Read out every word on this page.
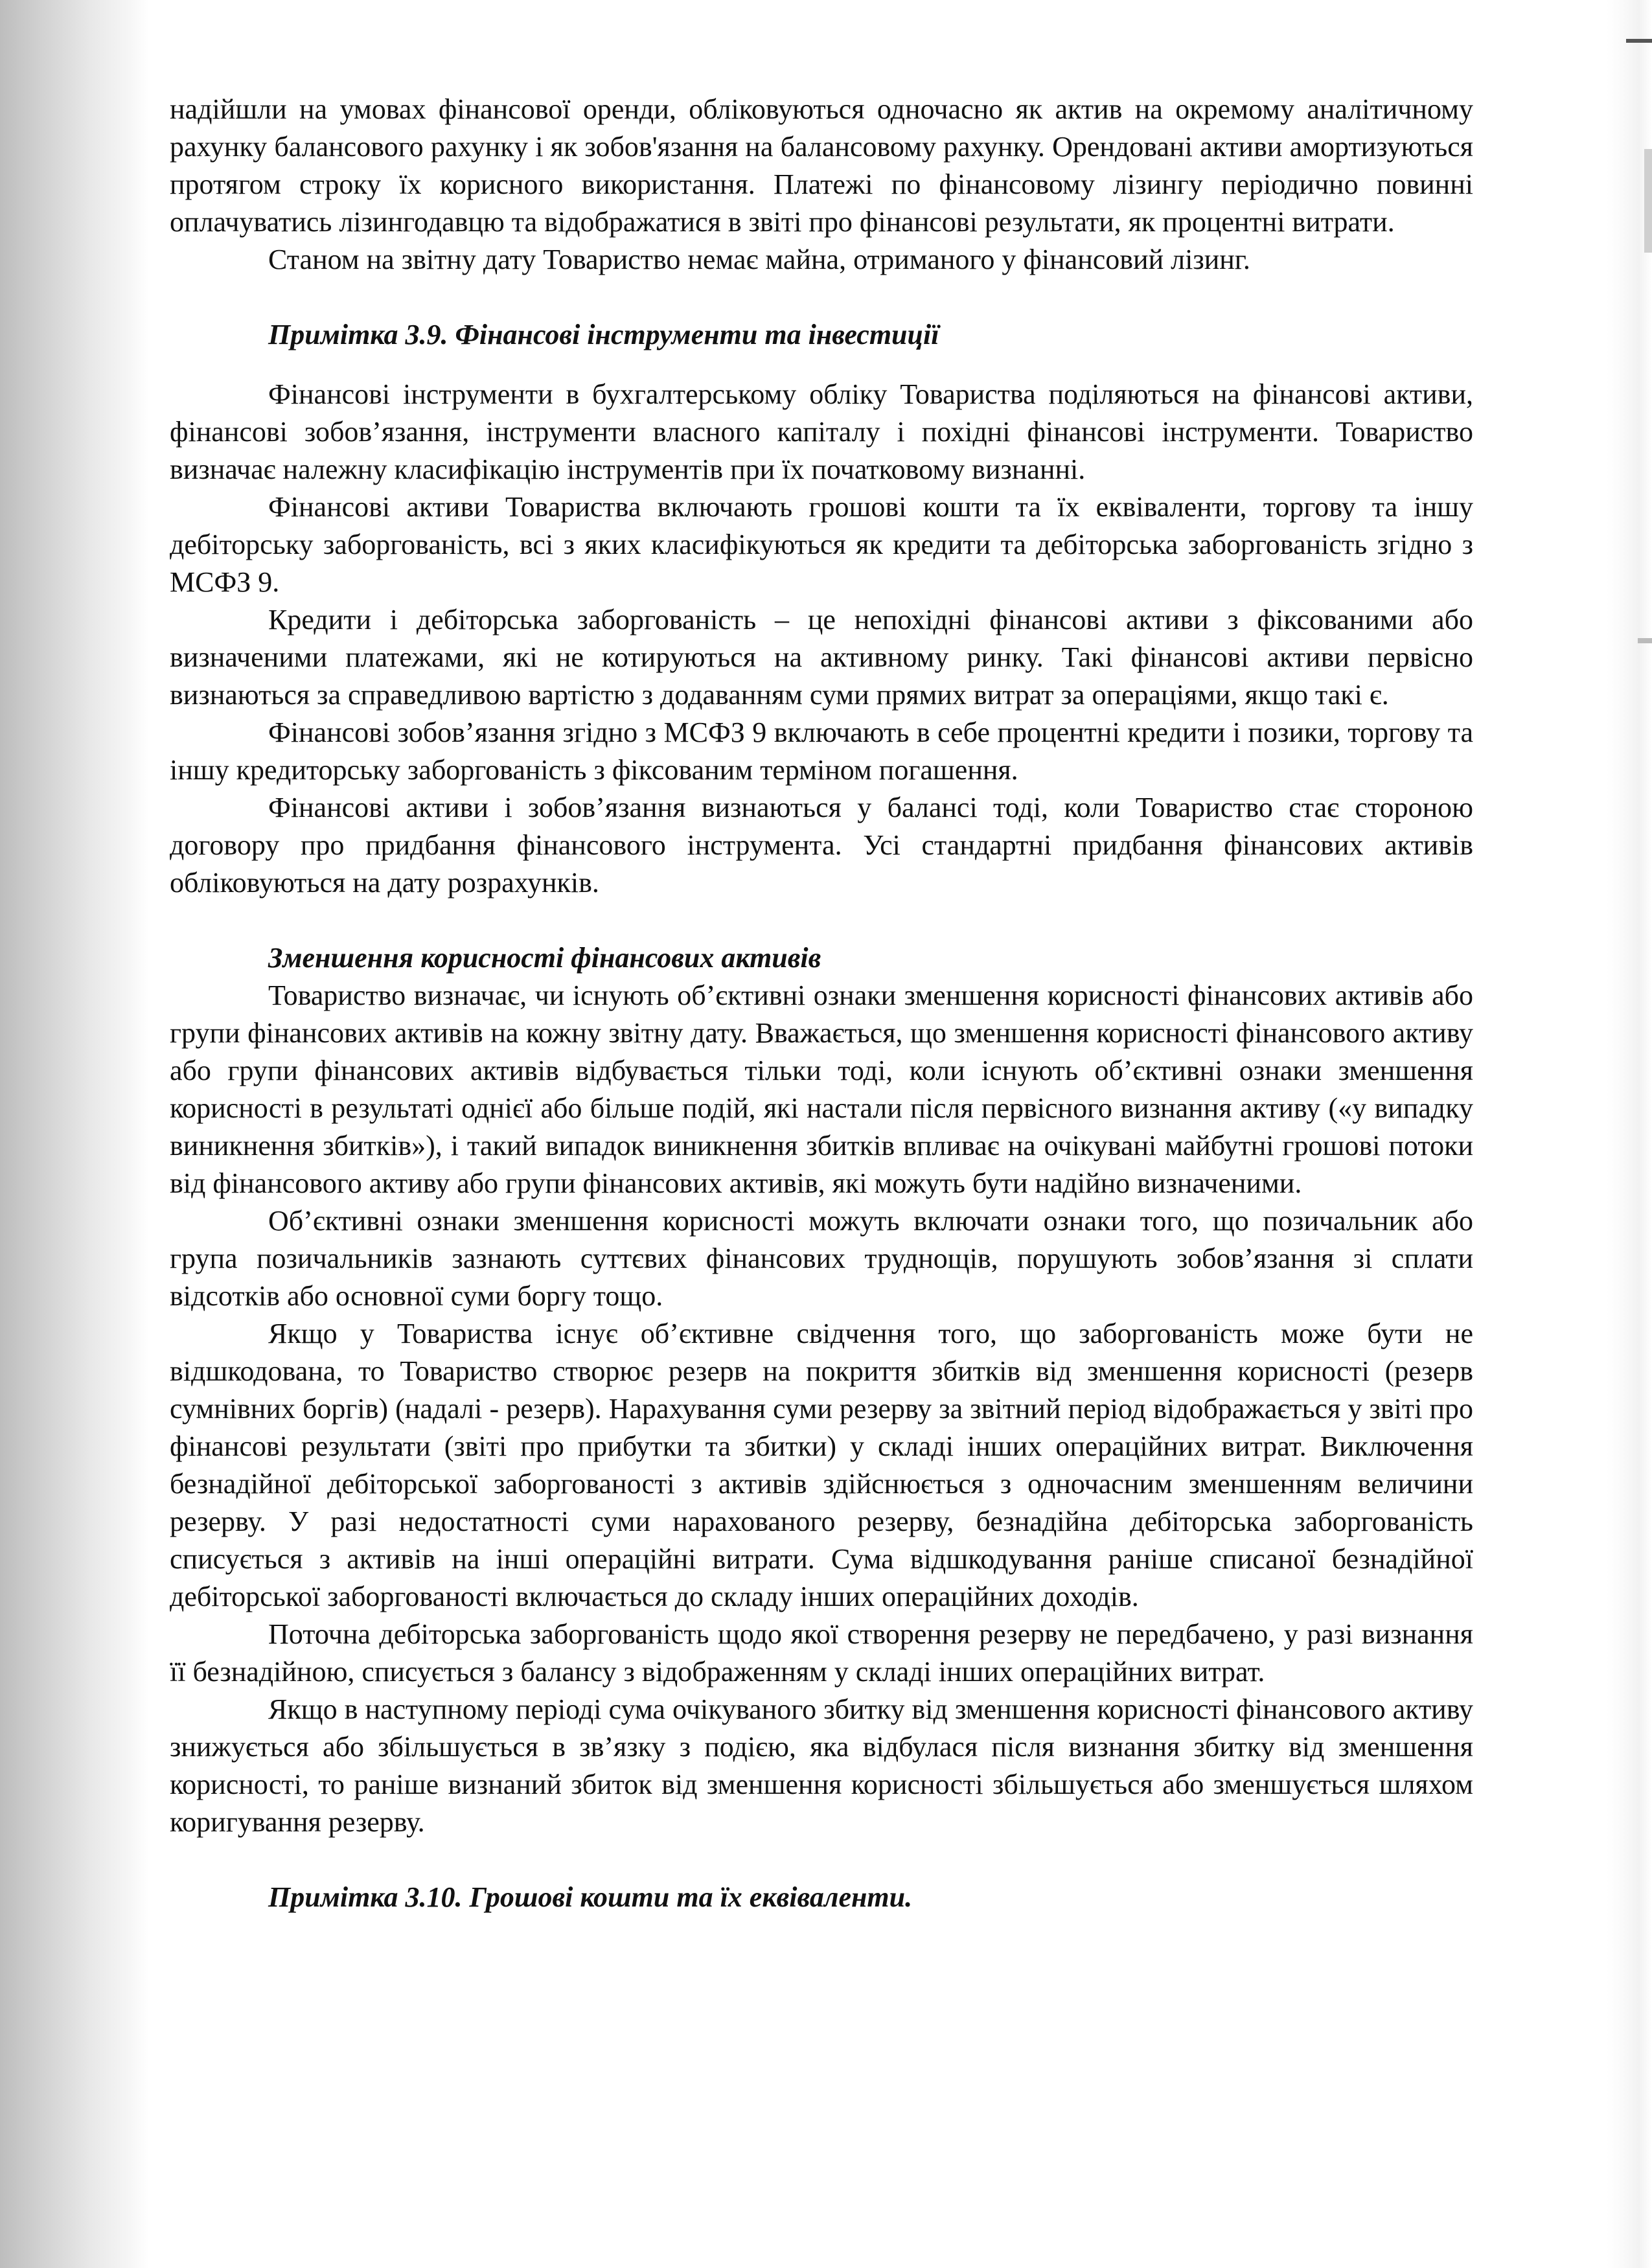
надійшли на умовах фінансової оренди, обліковуються одночасно як актив на окремому аналітичному рахунку балансового рахунку і як зобов'язання на балансовому рахунку. Орендовані активи амортизуються протягом строку їх корисного використання. Платежі по фінансовому лізингу періодично повинні оплачуватись лізингодавцю та відображатися в звіті про фінансові результати, як процентні витрати.

Станом на звітну дату Товариство немає майна, отриманого у фінансовий лізинг.

Примітка 3.9. Фінансові інструменти та інвестиції

Фінансові інструменти в бухгалтерському обліку Товариства поділяються на фінансові активи, фінансові зобов’язання, інструменти власного капіталу і похідні фінансові інструменти. Товариство визначає належну класифікацію інструментів при їх початковому визнанні.

Фінансові активи Товариства включають грошові кошти та їх еквіваленти, торгову та іншу дебіторську заборгованість, всі з яких класифікуються як кредити та дебіторська заборгованість згідно з МСФЗ 9.

Кредити і дебіторська заборгованість – це непохідні фінансові активи з фіксованими або визначеними платежами, які не котируються на активному ринку. Такі фінансові активи первісно визнаються за справедливою вартістю з додаванням суми прямих витрат за операціями, якщо такі є.

Фінансові зобов’язання згідно з МСФЗ 9 включають в себе процентні кредити і позики, торгову та іншу кредиторську заборгованість з фіксованим терміном погашення.

Фінансові активи і зобов’язання визнаються у балансі тоді, коли Товариство стає стороною договору про придбання фінансового інструмента. Усі стандартні придбання фінансових активів обліковуються на дату розрахунків.

Зменшення корисності фінансових активів

Товариство визначає, чи існують об’єктивні ознаки зменшення корисності фінансових активів або групи фінансових активів на кожну звітну дату. Вважається, що зменшення корисності фінансового активу або групи фінансових активів відбувається тільки тоді, коли існують об’єктивні ознаки зменшення корисності в результаті однієї або більше подій, які настали після первісного визнання активу («у випадку виникнення збитків»), і такий випадок виникнення збитків впливає на очікувані майбутні грошові потоки від фінансового активу або групи фінансових активів, які можуть бути надійно визначеними.

Об’єктивні ознаки зменшення корисності можуть включати ознаки того, що позичальник або група позичальників зазнають суттєвих фінансових труднощів, порушують зобов’язання зі сплати відсотків або основної суми боргу тощо.

Якщо у Товариства існує об’єктивне свідчення того, що заборгованість може бути не відшкодована, то Товариство створює резерв на покриття збитків від зменшення корисності (резерв сумнівних боргів) (надалі - резерв). Нарахування суми резерву за звітний період відображається у звіті про фінансові результати (звіті про прибутки та збитки) у складі інших операційних витрат. Виключення безнадійної дебіторської заборгованості з активів здійснюється з одночасним зменшенням величини резерву. У разі недостатності суми нарахованого резерву, безнадійна дебіторська заборгованість списується з активів на інші операційні витрати. Сума відшкодування раніше списаної безнадійної дебіторської заборгованості включається до складу інших операційних доходів.

Поточна дебіторська заборгованість щодо якої створення резерву не передбачено, у разі визнання її безнадійною, списується з балансу з відображенням у складі інших операційних витрат.

Якщо в наступному періоді сума очікуваного збитку від зменшення корисності фінансового активу знижується або збільшується в зв’язку з подією, яка відбулася після визнання збитку від зменшення корисності, то раніше визнаний збиток від зменшення корисності збільшується або зменшується шляхом коригування резерву.

Примітка 3.10. Грошові кошти та їх еквіваленти.
